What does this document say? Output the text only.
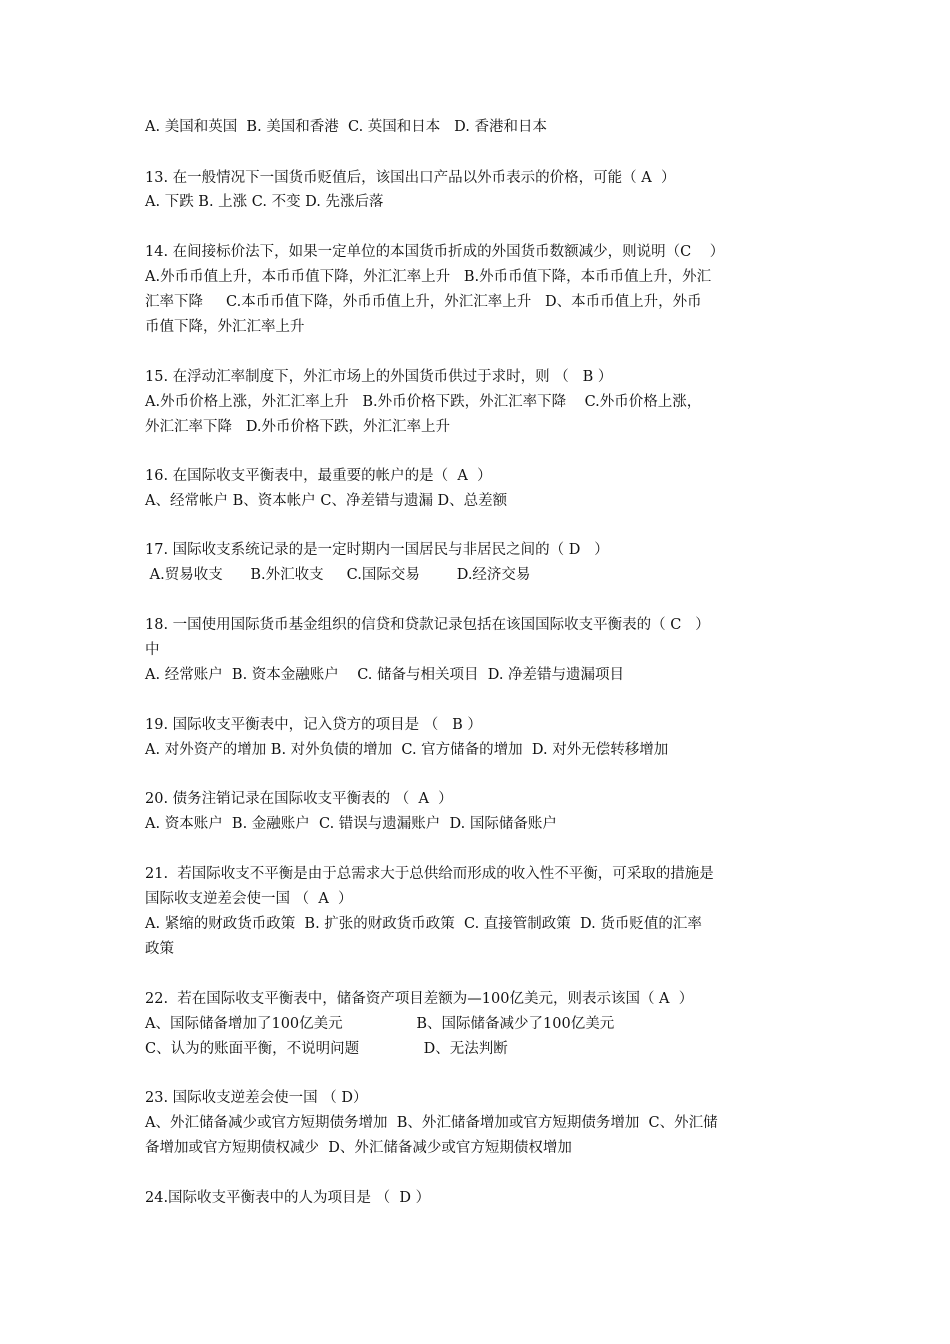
A. 美国和英国  B. 美国和香港  C. 英国和日本   D. 香港和日本
13. 在一般情况下一国货币贬值后，该国出口产品以外币表示的价格，可能（ A  ）
A. 下跌 B. 上涨 C. 不变 D. 先涨后落
14. 在间接标价法下，如果一定单位的本国货币折成的外国货币数额减少，则说明（C    ）
A.外币币值上升，本币币值下降，外汇汇率上升   B.外币币值下降，本币币值上升，外汇
汇率下降     C.本币币值下降，外币币值上升，外汇汇率上升   D、本币币值上升，外币
币值下降，外汇汇率上升
15. 在浮动汇率制度下，外汇市场上的外国货币供过于求时，则 （   B ）
A.外币价格上涨，外汇汇率上升   B.外币价格下跌，外汇汇率下降    C.外币价格上涨，
外汇汇率下降   D.外币价格下跌，外汇汇率上升
16. 在国际收支平衡表中，最重要的帐户的是（  A  ）
A、经常帐户 B、资本帐户 C、净差错与遗漏 D、总差额
17. 国际收支系统记录的是一定时期内一国居民与非居民之间的（ D   ）
A.贸易收支      B.外汇收支     C.国际交易        D.经济交易
18. 一国使用国际货币基金组织的信贷和贷款记录包括在该国国际收支平衡表的（ C   ）
中
A. 经常账户  B. 资本金融账户    C. 储备与相关项目  D. 净差错与遗漏项目
19. 国际收支平衡表中，记入贷方的项目是 （   B ）
A. 对外资产的增加 B. 对外负债的增加  C. 官方储备的增加  D. 对外无偿转移增加
20. 债务注销记录在国际收支平衡表的 （  A  ）
A. 资本账户  B. 金融账户  C. 错误与遗漏账户  D. 国际储备账户
21.  若国际收支不平衡是由于总需求大于总供给而形成的收入性不平衡，可采取的措施是
国际收支逆差会使一国 （  A  ）
A. 紧缩的财政货币政策  B. 扩张的财政货币政策  C. 直接管制政策  D. 货币贬值的汇率
政策
22.  若在国际收支平衡表中，储备资产项目差额为—100亿美元，则表示该国（ A  ）
A、国际储备增加了100亿美元                B、国际储备减少了100亿美元
C、认为的账面平衡，不说明问题              D、无法判断
23. 国际收支逆差会使一国 （ D）
A、外汇储备减少或官方短期债务增加  B、外汇储备增加或官方短期债务增加  C、外汇储
备增加或官方短期债权减少  D、外汇储备减少或官方短期债权增加
24.国际收支平衡表中的人为项目是 （  D ）
